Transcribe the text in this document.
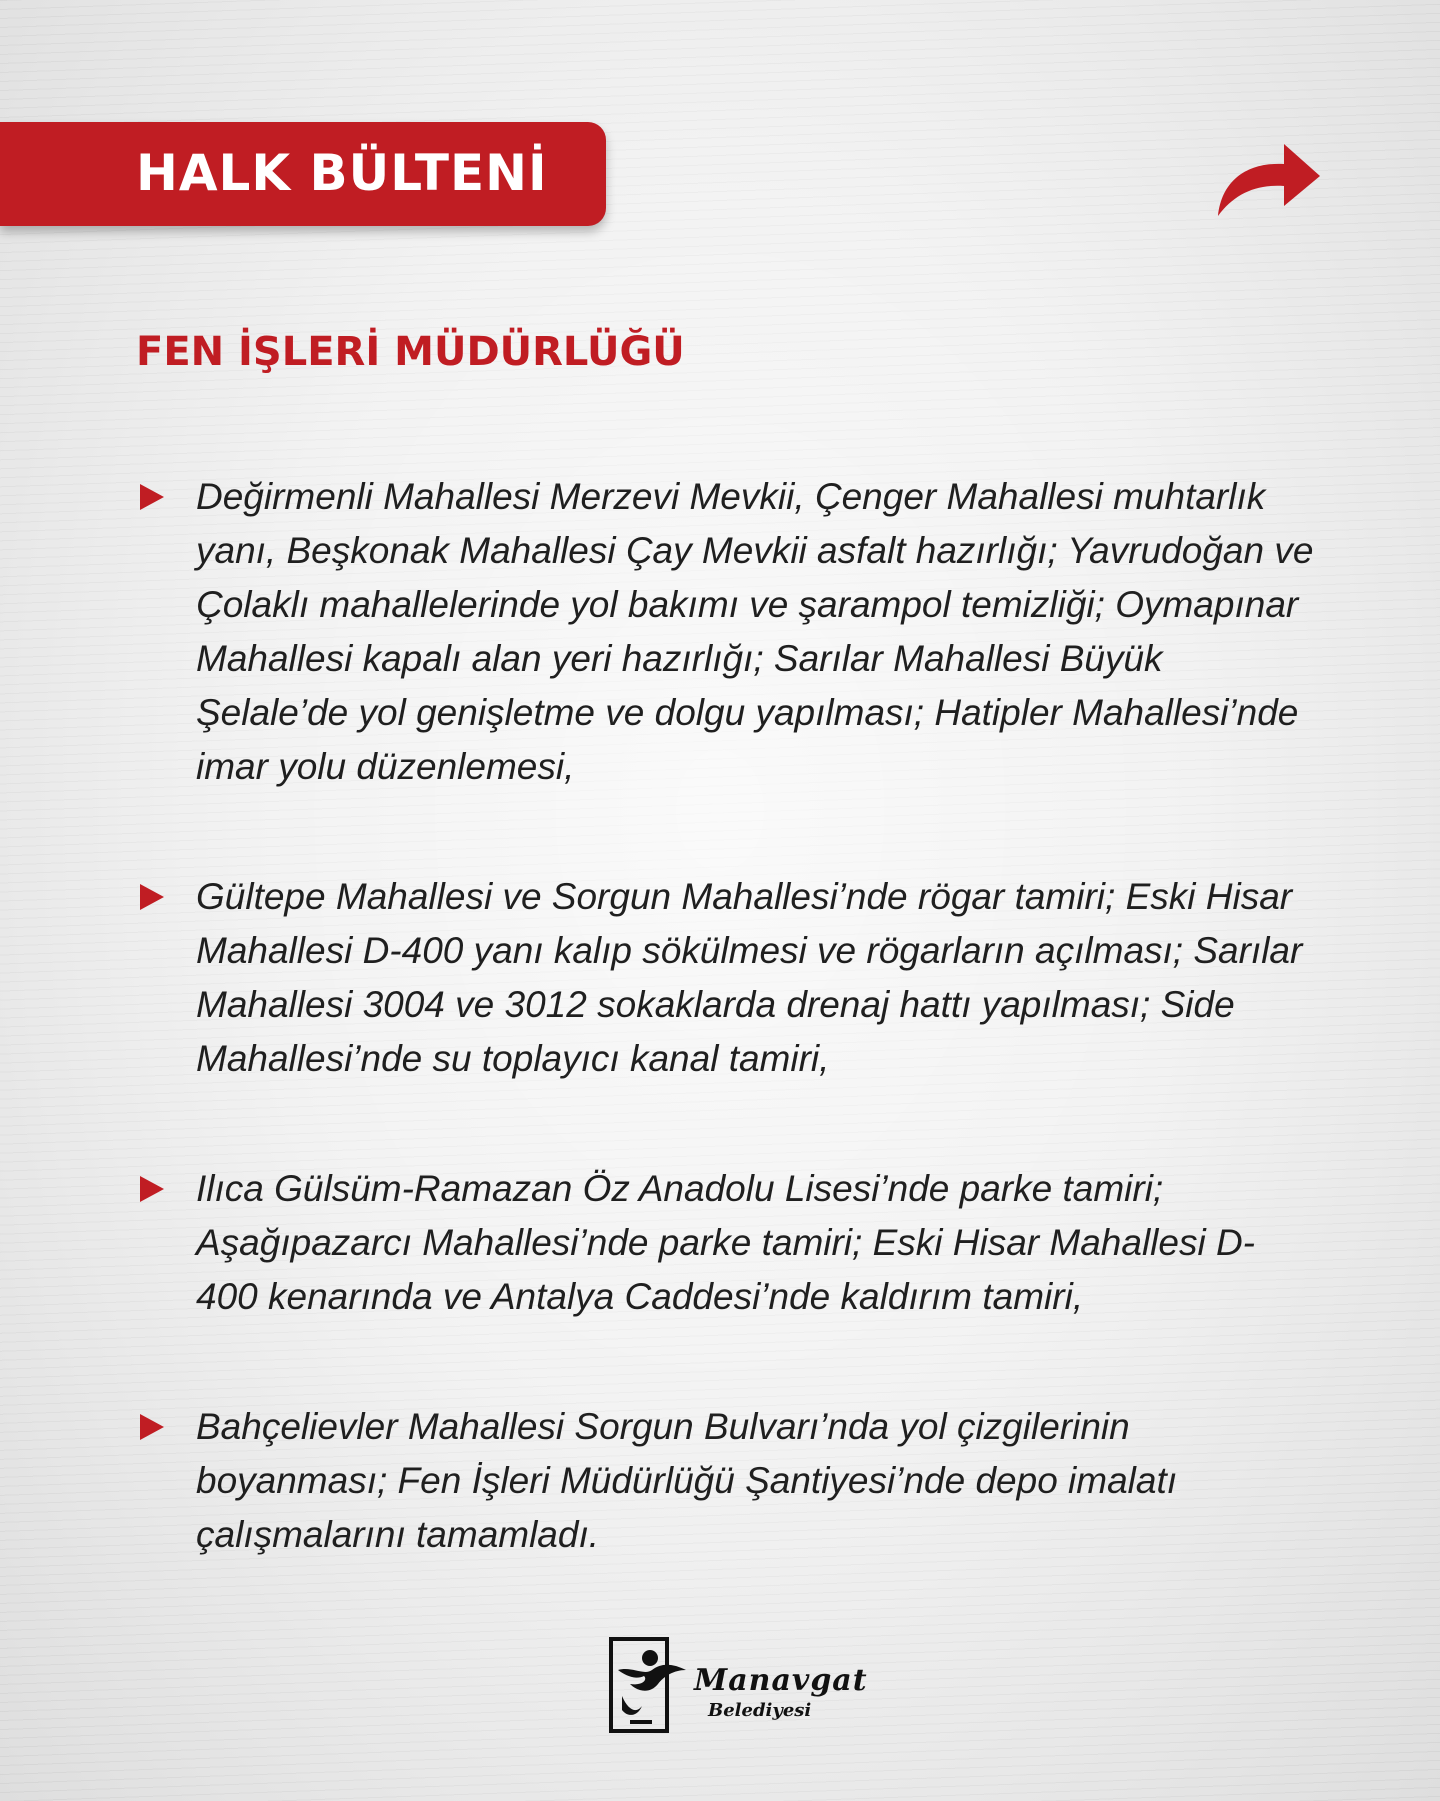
HALK BÜLTENİ
FEN İŞLERİ MÜDÜRLÜĞÜ
Değirmenli Mahallesi Merzevi Mevkii, Çenger Mahallesi muhtarlık yanı, Beşkonak Mahallesi Çay Mevkii asfalt hazırlığı; Yavrudoğan ve Çolaklı mahallelerinde yol bakımı ve şarampol temizliği; Oymapınar Mahallesi kapalı alan yeri hazırlığı; Sarılar Mahallesi Büyük Şelale’de yol genişletme ve dolgu yapılması; Hatipler Mahallesi’nde imar yolu düzenlemesi,
Gültepe Mahallesi ve Sorgun Mahallesi’nde rögar tamiri; Eski Hisar Mahallesi D-400 yanı kalıp sökülmesi ve rögarların açılması; Sarılar Mahallesi 3004 ve 3012 sokaklarda drenaj hattı yapılması; Side Mahallesi’nde su toplayıcı kanal tamiri,
Ilıca Gülsüm-Ramazan Öz Anadolu Lisesi’nde parke tamiri; Aşağıpazarcı Mahallesi’nde parke tamiri; Eski Hisar Mahallesi D-400 kenarında ve Antalya Caddesi’nde kaldırım tamiri,
Bahçelievler Mahallesi Sorgun Bulvarı’nda yol çizgilerinin boyanması; Fen İşleri Müdürlüğü Şantiyesi’nde depo imalatı çalışmalarını tamamladı.
Manavgat
Belediyesi
